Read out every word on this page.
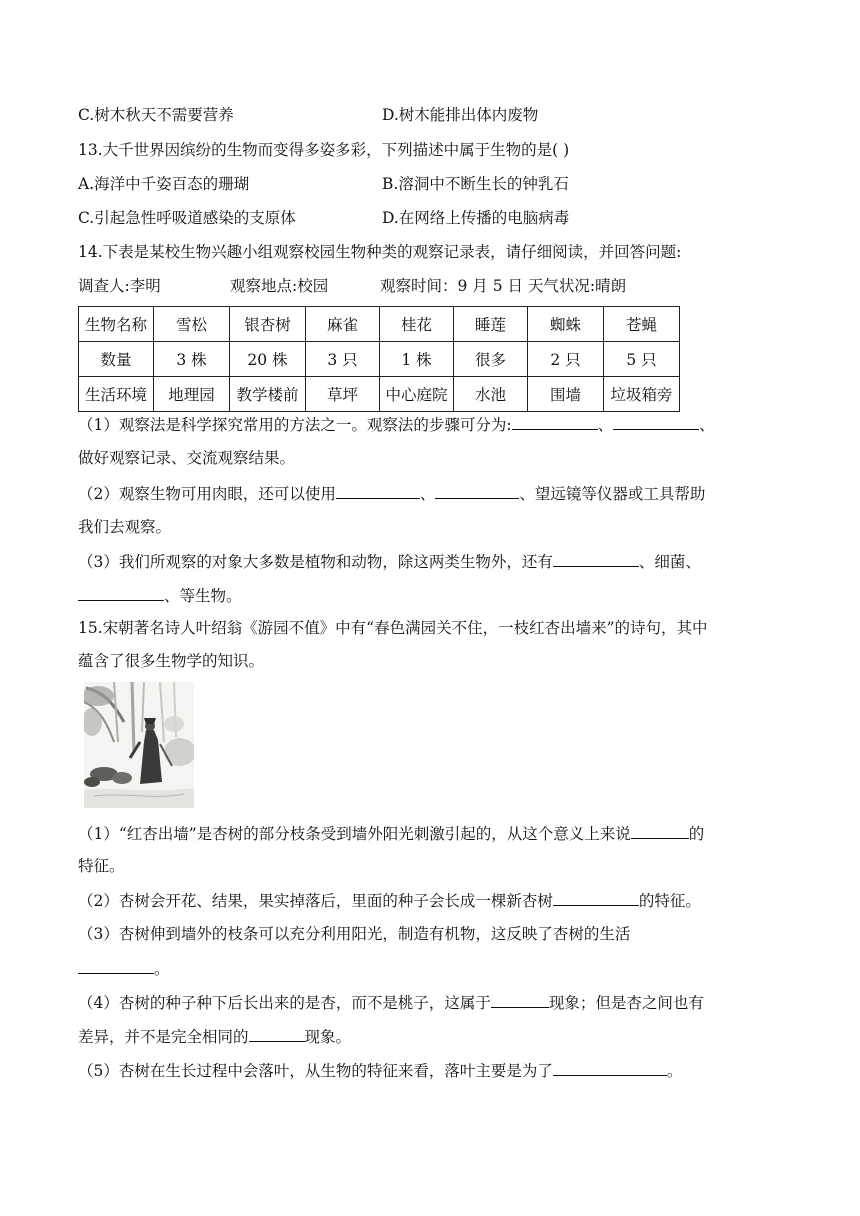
C.树木秋天不需要营养	D.树木能排出体内废物
13.大千世界因缤纷的生物而变得多姿多彩，下列描述中属于生物的是( )
A.海洋中千姿百态的珊瑚	B.溶洞中不断生长的钟乳石
C.引起急性呼吸道感染的支原体	D.在网络上传播的电脑病毒
14.下表是某校生物兴趣小组观察校园生物种类的观察记录表，请仔细阅读，并回答问题:
调查人:李明	观察地点:校园	观察时间：9 月 5 日 天气状况:晴朗
生物名称	雪松	银杏树	麻雀	桂花	睡莲	蜘蛛	苍蝇
数量	3 株	20 株	3 只	1 株	很多	2 只	5 只
生活环境	地理园	教学楼前	草坪	中心庭院	水池	围墙	垃圾箱旁
（1）观察法是科学探究常用的方法之一。观察法的步骤可分为:	、	、
做好观察记录、交流观察结果。
（2）观察生物可用肉眼，还可以使用	、	、望远镜等仪器或工具帮助
我们去观察。
（3）我们所观察的对象大多数是植物和动物，除这两类生物外，还有	、细菌、
、等生物。
15.宋朝著名诗人叶绍翁《游园不值》中有“春色满园关不住，一枝红杏出墙来”的诗句，其中
蕴含了很多生物学的知识。
（1）“红杏出墙”是杏树的部分枝条受到墙外阳光刺激引起的，从这个意义上来说	的
特征。
（2）杏树会开花、结果，果实掉落后，里面的种子会长成一棵新杏树	的特征。
（3）杏树伸到墙外的枝条可以充分利用阳光，制造有机物，这反映了杏树的生活
。
（4）杏树的种子种下后长出来的是杏，而不是桃子，这属于	现象；但是杏之间也有
差异，并不是完全相同的	现象。
（5）杏树在生长过程中会落叶，从生物的特征来看，落叶主要是为了	。
